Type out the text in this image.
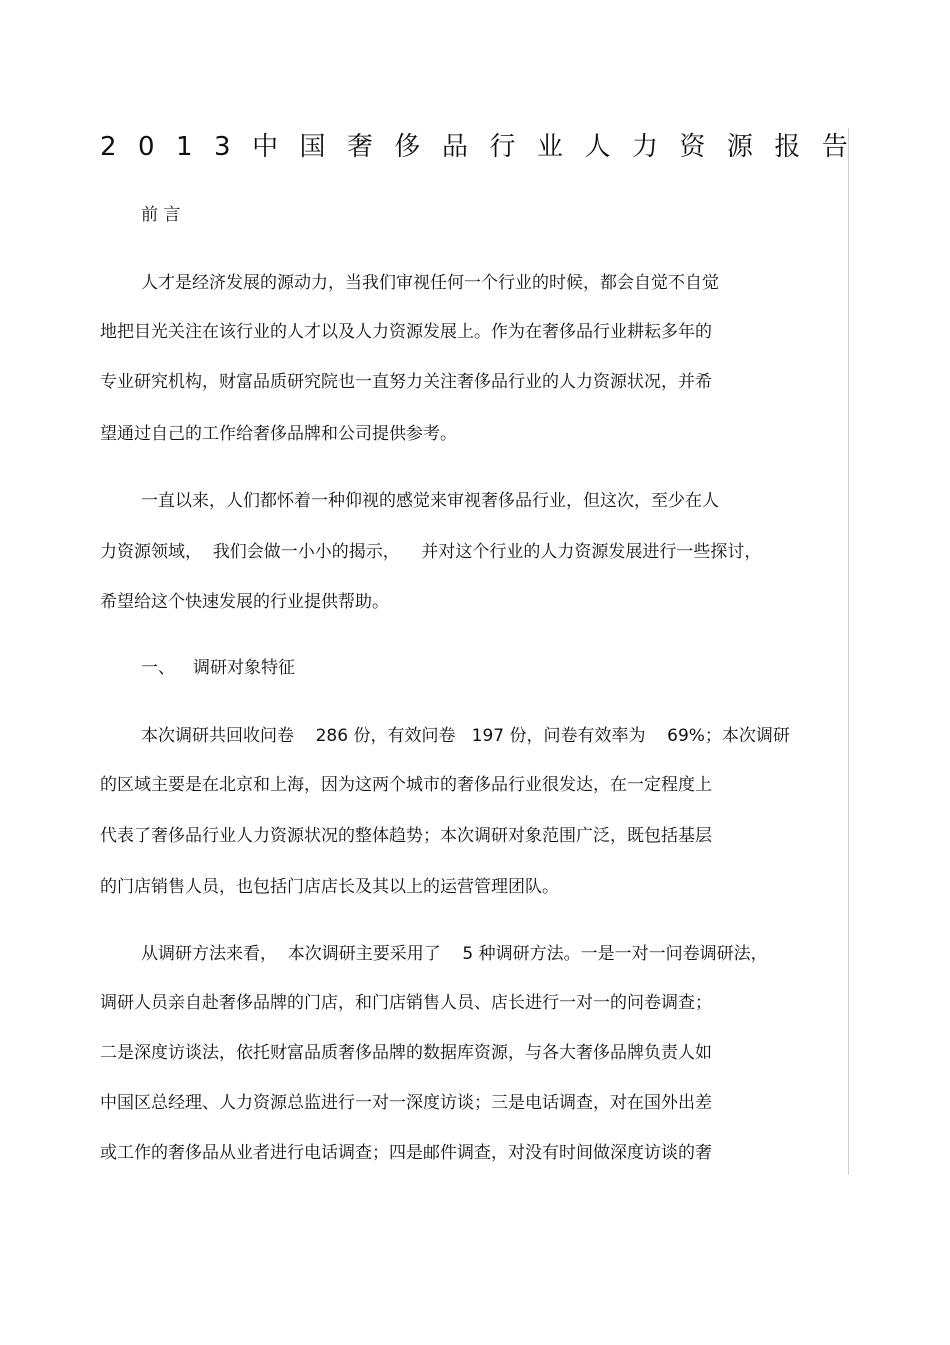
2 0 1 3 中 国 奢 侈 品 行 业 人 力 资 源 报 告
前 言
人才是经济发展的源动力，当我们审视任何一个行业的时候，都会自觉不自觉
地把目光关注在该行业的人才以及人力资源发展上。作为在奢侈品行业耕耘多年的
专业研究机构，财富品质研究院也一直努力关注奢侈品行业的人力资源状况，并希
望通过自己的工作给奢侈品牌和公司提供参考。
一直以来，人们都怀着一种仰视的感觉来审视奢侈品行业，但这次，至少在人
力资源领域，  我们会做一小小的揭示，    并对这个行业的人力资源发展进行一些探讨，
希望给这个快速发展的行业提供帮助。
一、 调研对象特征
本次调研共回收问卷    286 份，有效问卷   197 份，问卷有效率为    69%；本次调研
的区域主要是在北京和上海，因为这两个城市的奢侈品行业很发达，在一定程度上
代表了奢侈品行业人力资源状况的整体趋势；本次调研对象范围广泛，既包括基层
的门店销售人员，也包括门店店长及其以上的运营管理团队。
从调研方法来看，  本次调研主要采用了    5 种调研方法。一是一对一问卷调研法，
调研人员亲自赴奢侈品牌的门店，和门店销售人员、店长进行一对一的问卷调查；
二是深度访谈法，依托财富品质奢侈品牌的数据库资源，与各大奢侈品牌负责人如
中国区总经理、人力资源总监进行一对一深度访谈；三是电话调查，对在国外出差
或工作的奢侈品从业者进行电话调查；四是邮件调查，对没有时间做深度访谈的奢
